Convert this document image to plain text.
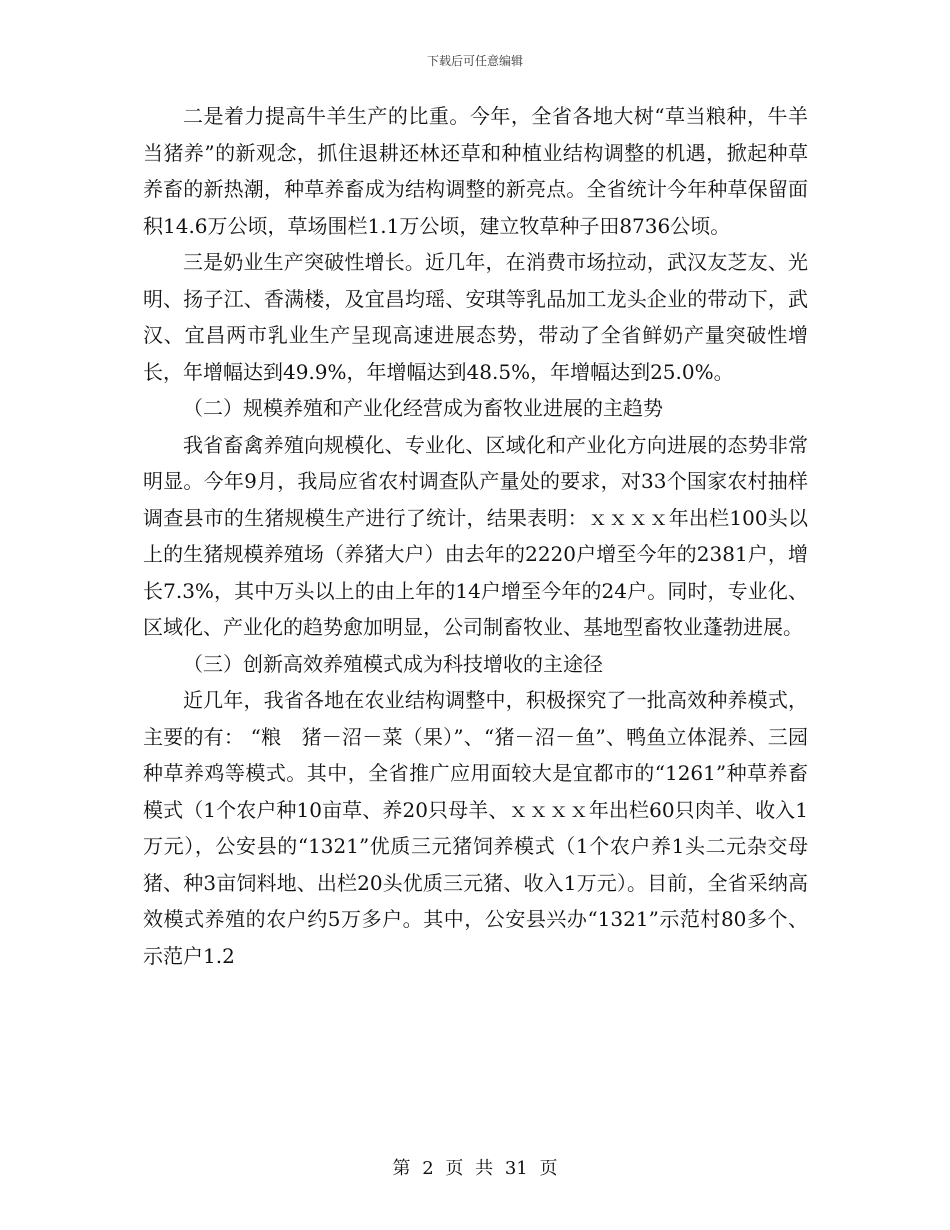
下载后可任意编辑

二是着力提高牛羊生产的比重。今年，全省各地大树“草当粮种，牛羊当猪养”的新观念，抓住退耕还林还草和种植业结构调整的机遇，掀起种草养畜的新热潮，种草养畜成为结构调整的新亮点。全省统计今年种草保留面积14.6万公顷，草场围栏1.1万公顷，建立牧草种子田8736公顷。

三是奶业生产突破性增长。近几年，在消费市场拉动，武汉友芝友、光明、扬子江、香满楼，及宜昌均瑶、安琪等乳品加工龙头企业的带动下，武汉、宜昌两市乳业生产呈现高速进展态势，带动了全省鲜奶产量突破性增长，年增幅达到49.9%，年增幅达到48.5%，年增幅达到25.0%。

（二）规模养殖和产业化经营成为畜牧业进展的主趋势

我省畜禽养殖向规模化、专业化、区域化和产业化方向进展的态势非常明显。今年9月，我局应省农村调查队产量处的要求，对33个国家农村抽样调查县市的生猪规模生产进行了统计，结果表明：ｘｘｘｘ年出栏100头以上的生猪规模养殖场（养猪大户）由去年的2220户增至今年的2381户，增长7.3%，其中万头以上的由上年的14户增至今年的24户。同时，专业化、区域化、产业化的趋势愈加明显，公司制畜牧业、基地型畜牧业蓬勃进展。

（三）创新高效养殖模式成为科技增收的主途径

近几年，我省各地在农业结构调整中，积极探究了一批高效种养模式，主要的有： “粮　猪－沼－菜（果）”、“猪－沼－鱼”、鸭鱼立体混养、三园种草养鸡等模式。其中，全省推广应用面较大是宜都市的“1261”种草养畜模式（1个农户种10亩草、养20只母羊、ｘｘｘｘ年出栏60只肉羊、收入1万元），公安县的“1321”优质三元猪饲养模式（1个农户养1头二元杂交母猪、种3亩饲料地、出栏20头优质三元猪、收入1万元）。目前，全省采纳高效模式养殖的农户约5万多户。其中，公安县兴办“1321”示范村80多个、示范户1.2

第 2 页 共 31 页
